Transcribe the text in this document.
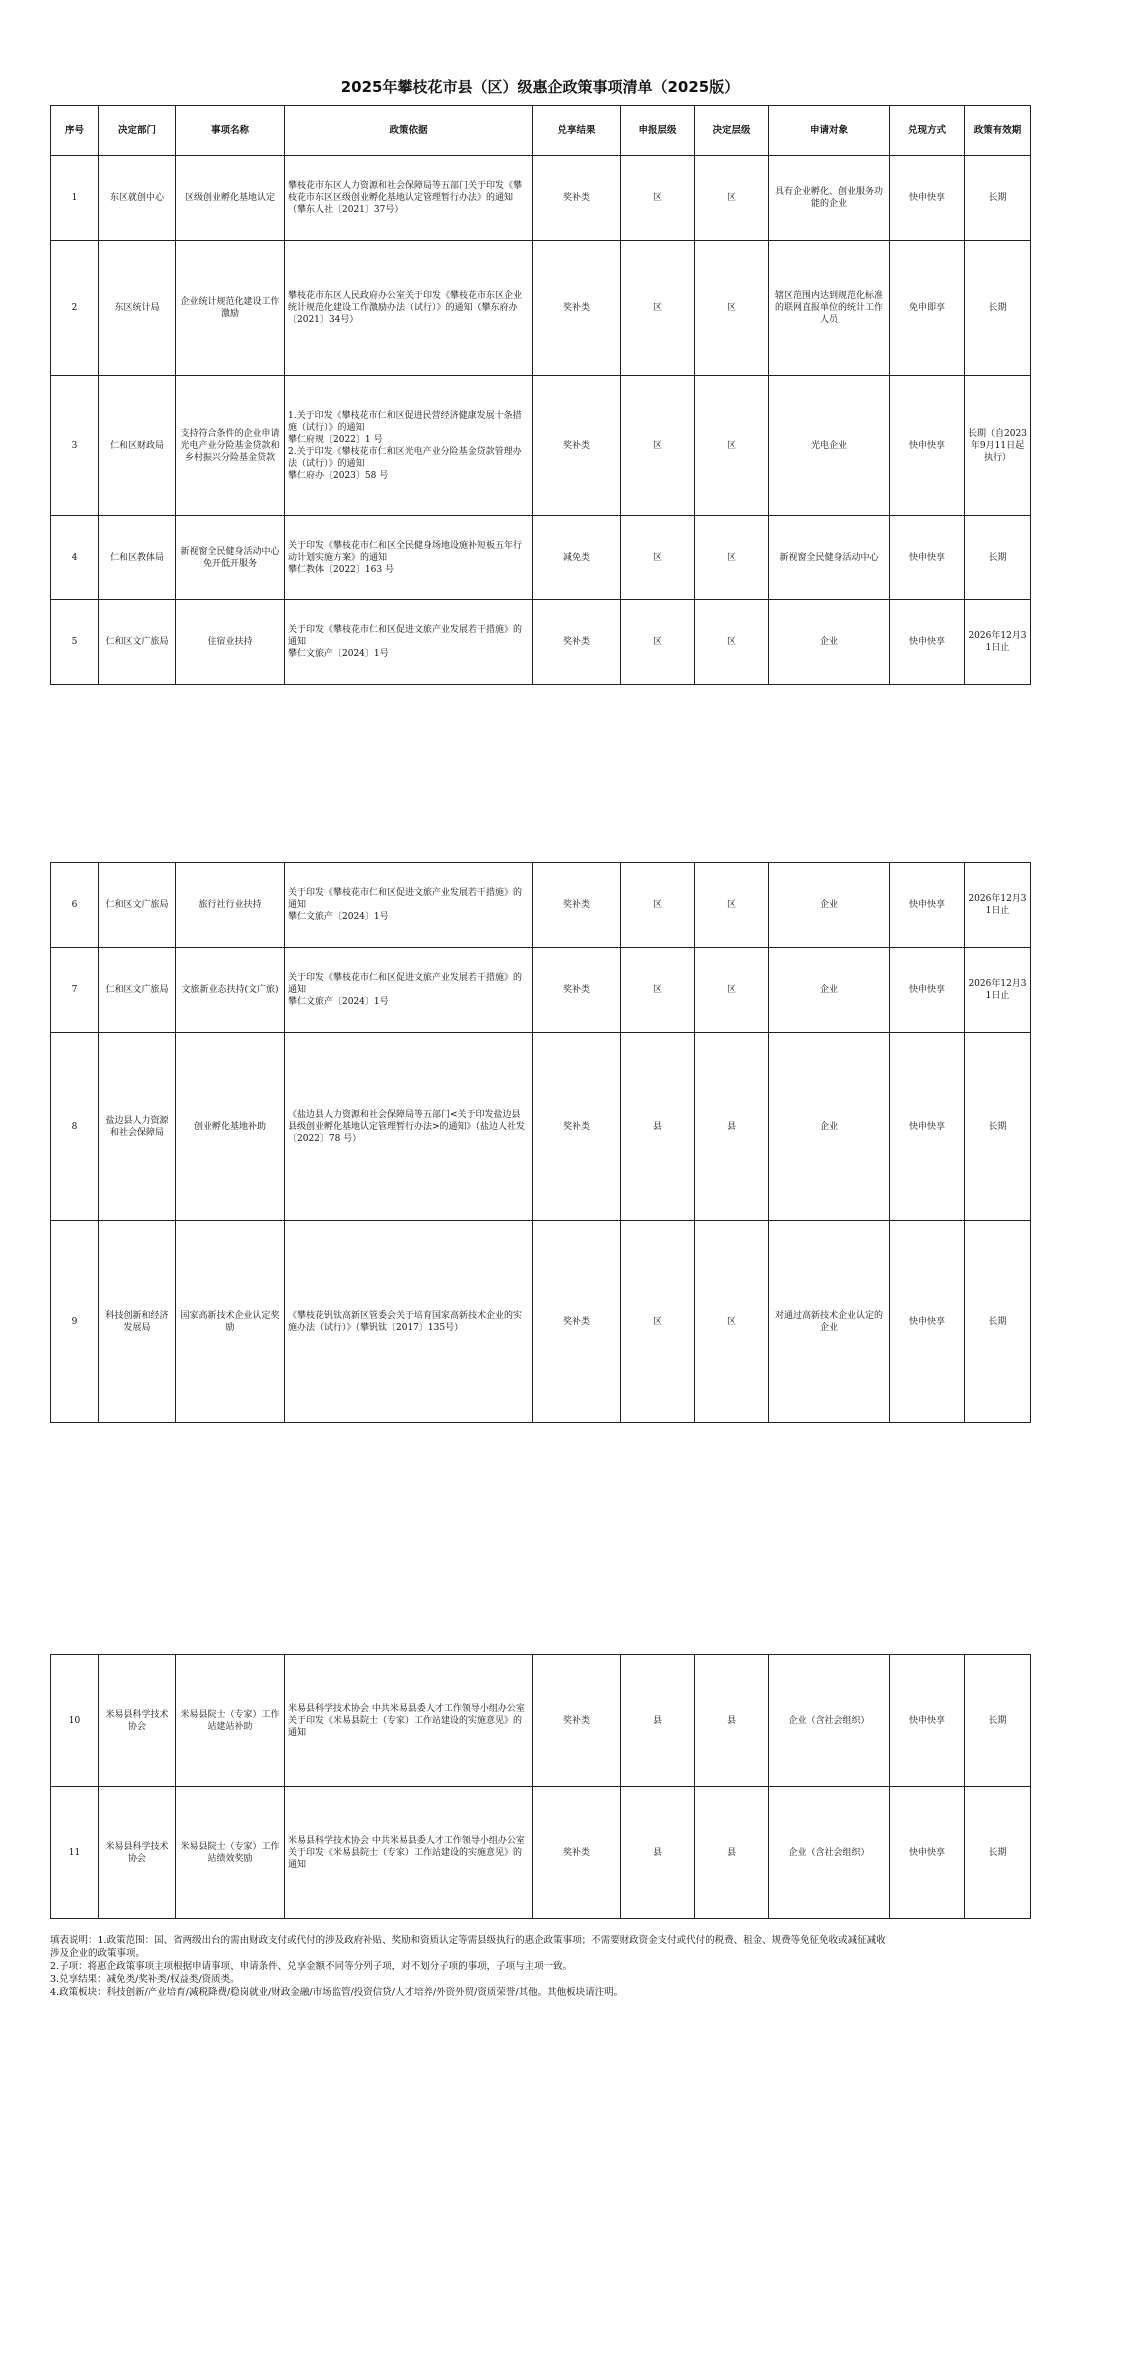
2025年攀枝花市县（区）级惠企政策事项清单（2025版）
序号	决定部门	事项名称	政策依据	兑享结果	申报层级	决定层级	申请对象	兑现方式	政策有效期
1	东区就创中心	区级创业孵化基地认定	攀枝花市东区人力资源和社会保障局等五部门关于印发《攀枝花市东区区级创业孵化基地认定管理暂行办法》的通知（攀东人社〔2021〕37号）	奖补类	区	区	具有企业孵化、创业服务功能的企业	快申快享	长期
2	东区统计局	企业统计规范化建设工作激励	攀枝花市东区人民政府办公室关于印发《攀枝花市东区企业统计规范化建设工作激励办法（试行）》的通知（攀东府办〔2021〕34号）	奖补类	区	区	辖区范围内达到规范化标准的联网直报单位的统计工作人员	免申即享	长期
3	仁和区财政局	支持符合条件的企业申请光电产业分险基金贷款和乡村振兴分险基金贷款	1.关于印发《攀枝花市仁和区促进民营经济健康发展十条措施（试行）》的通知
攀仁府规〔2022〕1 号
2.关于印发《攀枝花市仁和区光电产业分险基金贷款管理办法（试行）》的通知
攀仁府办〔2023〕58 号	奖补类	区	区	光电企业	快申快享	长期（自2023年9月11日起执行）
4	仁和区教体局	新视窗全民健身活动中心免开低开服务	关于印发《攀枝花市仁和区全民健身场地设施补短板五年行动计划实施方案》的通知
攀仁教体〔2022〕163 号	减免类	区	区	新视窗全民健身活动中心	快申快享	长期
5	仁和区文广旅局	住宿业扶持	关于印发《攀枝花市仁和区促进文旅产业发展若干措施》的通知
攀仁文旅产〔2024〕1号	奖补类	区	区	企业	快申快享	2026年12月31日止
6	仁和区文广旅局	旅行社行业扶持	关于印发《攀枝花市仁和区促进文旅产业发展若干措施》的通知
攀仁文旅产〔2024〕1号	奖补类	区	区	企业	快申快享	2026年12月31日止
7	仁和区文广旅局	文旅新业态扶持(文广旅)	关于印发《攀枝花市仁和区促进文旅产业发展若干措施》的通知
攀仁文旅产〔2024〕1号	奖补类	区	区	企业	快申快享	2026年12月31日止
8	盐边县人力资源和社会保障局	创业孵化基地补助	《盐边县人力资源和社会保障局等五部门<关于印发盐边县县级创业孵化基地认定管理暂行办法>的通知》（盐边人社发〔2022〕78 号）	奖补类	县	县	企业	快申快享	长期
9	科技创新和经济发展局	国家高新技术企业认定奖励	《攀枝花钒钛高新区管委会关于培育国家高新技术企业的实施办法（试行）》（攀钒钛〔2017〕135号）	奖补类	区	区	对通过高新技术企业认定的企业	快申快享	长期
10	米易县科学技术协会	米易县院士（专家）工作站建站补助	米易县科学技术协会 中共米易县委人才工作领导小组办公室关于印发《米易县院士（专家）工作站建设的实施意见》的通知	奖补类	县	县	企业（含社会组织）	快申快享	长期
11	米易县科学技术协会	米易县院士（专家）工作站绩效奖励	米易县科学技术协会 中共米易县委人才工作领导小组办公室关于印发《米易县院士（专家）工作站建设的实施意见》的通知	奖补类	县	县	企业（含社会组织）	快申快享	长期
填表说明：1.政策范围：国、省两级出台的需由财政支付或代付的涉及政府补贴、奖励和资质认定等需县级执行的惠企政策事项；不需要财政资金支付或代付的税费、租金、规费等免征免收或减征减收
涉及企业的政策事项。
2.子项：将惠企政策事项主项根据申请事项、申请条件、兑享金额不同等分列子项，对不划分子项的事项，子项与主项一致。
3.兑享结果：减免类/奖补类/权益类/资质类。
4.政策板块：科技创新/产业培育/减税降费/稳岗就业/财政金融/市场监管/投资信贷/人才培养/外资外贸/资质荣誉/其他。其他板块请注明。
